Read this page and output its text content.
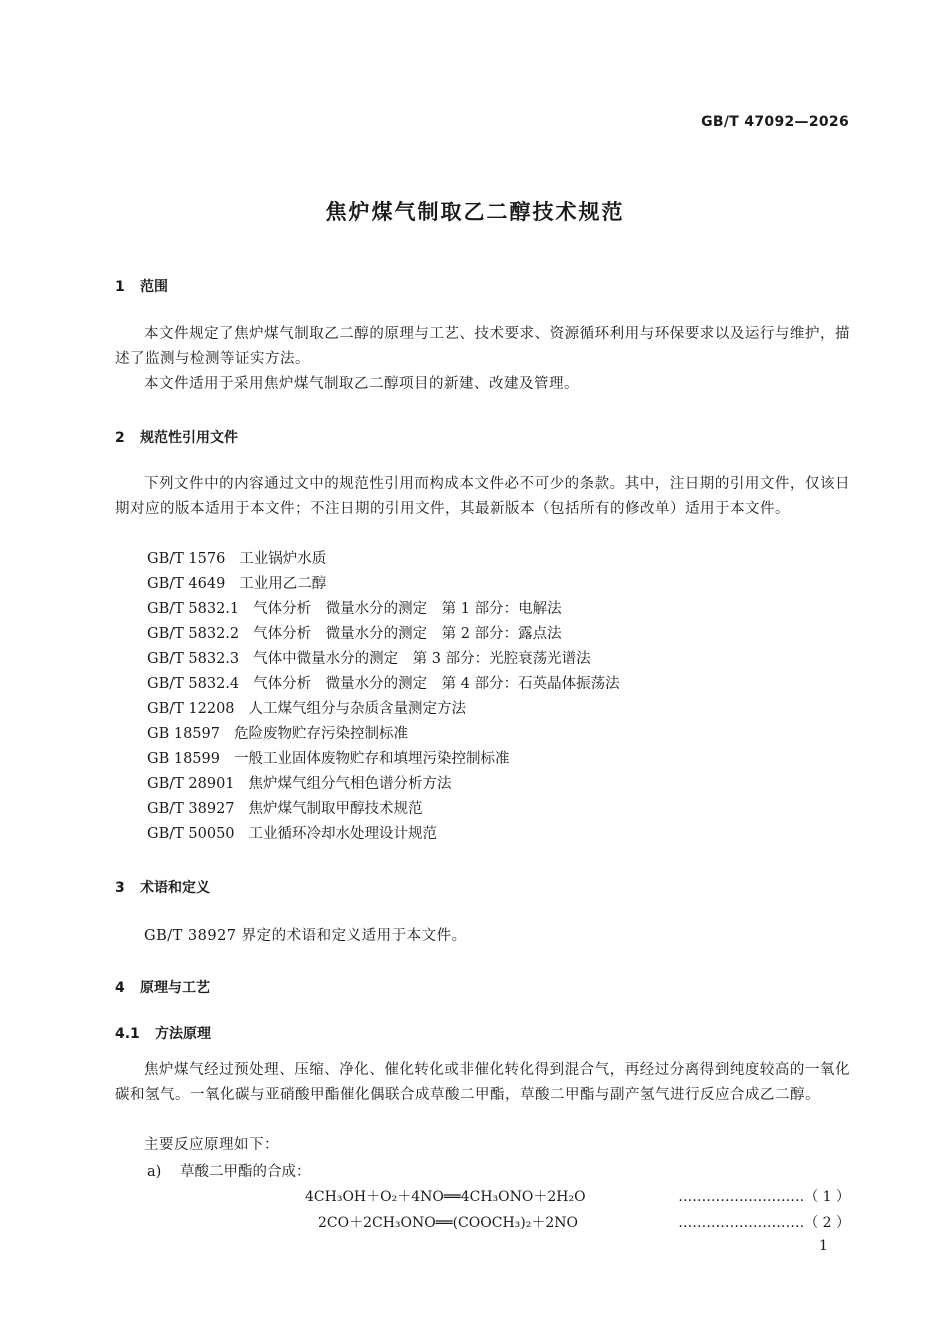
GB/T 47092—2026
焦炉煤气制取乙二醇技术规范
1 范围
本文件规定了焦炉煤气制取乙二醇的原理与工艺、技术要求、资源循环利用与环保要求以及运行与维护，描述了监测与检测等证实方法。
本文件适用于采用焦炉煤气制取乙二醇项目的新建、改建及管理。
2 规范性引用文件
下列文件中的内容通过文中的规范性引用而构成本文件必不可少的条款。其中，注日期的引用文件，仅该日期对应的版本适用于本文件；不注日期的引用文件，其最新版本（包括所有的修改单）适用于本文件。
GB/T 1576 工业锅炉水质
GB/T 4649 工业用乙二醇
GB/T 5832.1 气体分析　微量水分的测定　第 1 部分：电解法
GB/T 5832.2 气体分析　微量水分的测定　第 2 部分：露点法
GB/T 5832.3 气体中微量水分的测定　第 3 部分：光腔衰荡光谱法
GB/T 5832.4 气体分析　微量水分的测定　第 4 部分：石英晶体振荡法
GB/T 12208 人工煤气组分与杂质含量测定方法
GB 18597 危险废物贮存污染控制标准
GB 18599 一般工业固体废物贮存和填埋污染控制标准
GB/T 28901 焦炉煤气组分气相色谱分析方法
GB/T 38927 焦炉煤气制取甲醇技术规范
GB/T 50050 工业循环冷却水处理设计规范
3 术语和定义
GB/T 38927 界定的术语和定义适用于本文件。
4 原理与工艺
4.1 方法原理
焦炉煤气经过预处理、压缩、净化、催化转化或非催化转化得到混合气，再经过分离得到纯度较高的一氧化碳和氢气。一氧化碳与亚硝酸甲酯催化偶联合成草酸二甲酯，草酸二甲酯与副产氢气进行反应合成乙二醇。
主要反应原理如下：
a) 草酸二甲酯的合成：
4CH₃OH＋O₂＋4NO══4CH₃ONO＋2H₂O	………………………（ 1 ）
2CO＋2CH₃ONO══(COOCH₃)₂＋2NO	………………………（ 2 ）
1
